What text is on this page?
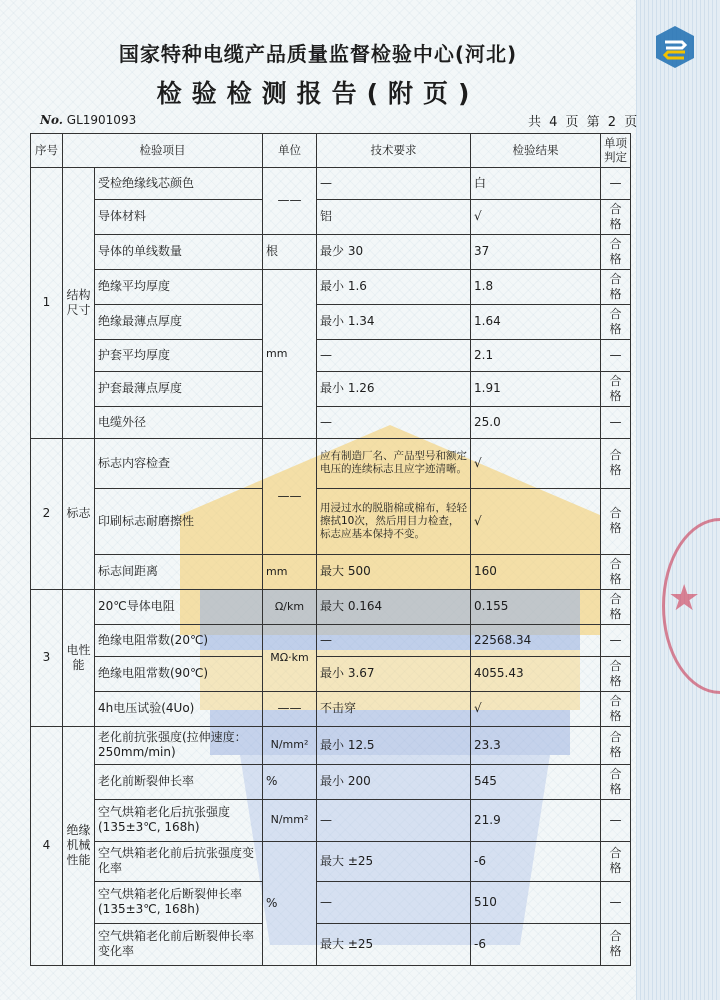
★
国家特种电缆产品质量监督检验中心(河北)
检验检测报告(附页)
No. GL1901093	共 4 页 第 2 页
序号	检验项目		单位	技术要求	检验结果	单项判定
1	结构尺寸	受检绝缘线芯颜色	——	—	白	—
		导体材料		铝	√	合格
		导体的单线数量	根	最少 30	37	合格
		绝缘平均厚度	mm	最小 1.6	1.8	合格
		绝缘最薄点厚度		最小 1.34	1.64	合格
		护套平均厚度		—	2.1	—
		护套最薄点厚度		最小 1.26	1.91	合格
		电缆外径		—	25.0	—
2	标志	标志内容检查	——	应有制造厂名、产品型号和额定电压的连续标志且应字迹清晰。	√	合格
		印刷标志耐磨擦性		用浸过水的脱脂棉或棉布，轻轻擦拭10次，然后用目力检查，标志应基本保持不变。	√	合格
		标志间距离	mm	最大 500	160	合格
3	电性能	20℃导体电阻	Ω/km	最大 0.164	0.155	合格
		绝缘电阻常数(20℃)	MΩ·km	—	22568.34	—
		绝缘电阻常数(90℃)		最小 3.67	4055.43	合格
		4h电压试验(4Uo)	——	不击穿	√	合格
4	绝缘机械性能	老化前抗张强度(拉伸速度：250mm/min)	N/mm²	最小 12.5	23.3	合格
		老化前断裂伸长率	%	最小 200	545	合格
		空气烘箱老化后抗张强度(135±3℃, 168h)	N/mm²	—	21.9	—
		空气烘箱老化前后抗张强度变化率	%	最大 ±25	-6	合格
		空气烘箱老化后断裂伸长率(135±3℃, 168h)		—	510	—
		空气烘箱老化前后断裂伸长率变化率		最大 ±25	-6	合格
